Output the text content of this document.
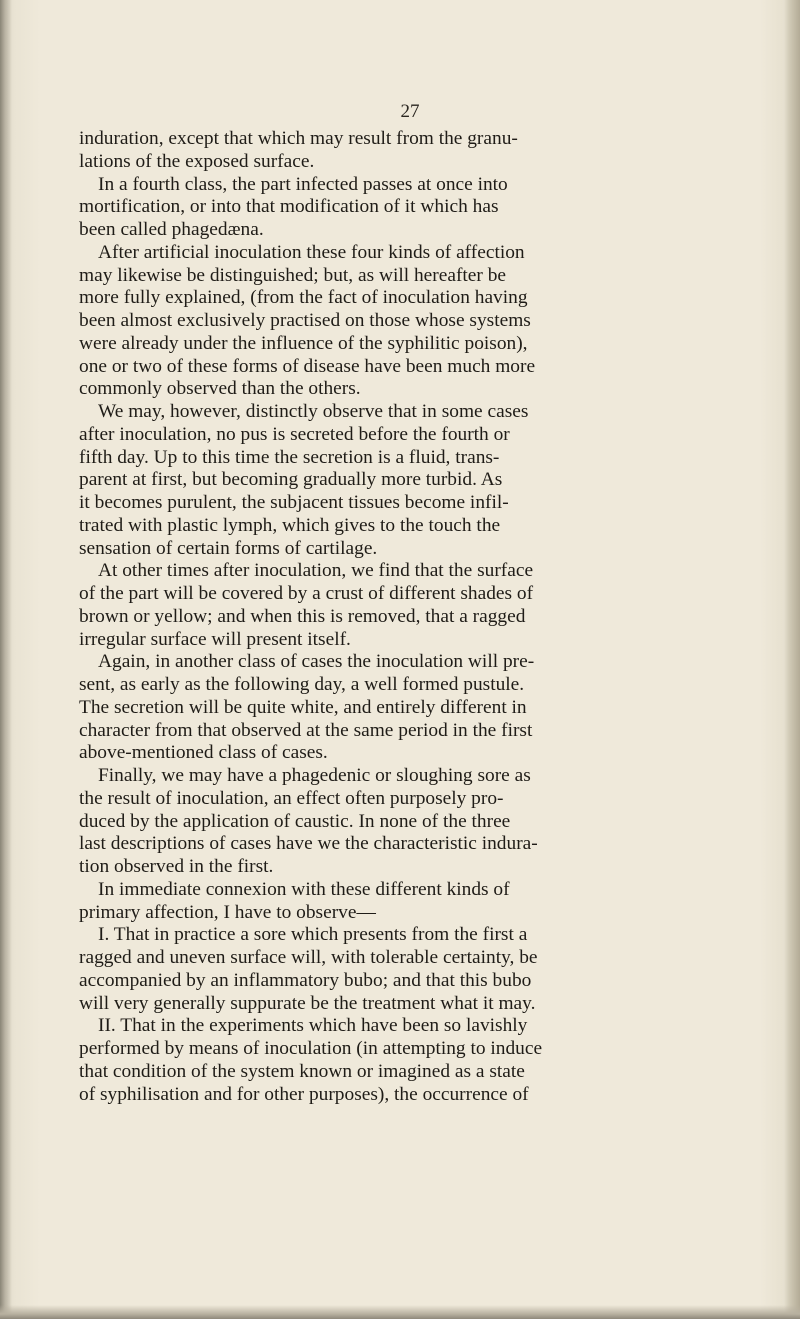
27
induration, except that which may result from the granu-
lations of the exposed surface.
In a fourth class, the part infected passes at once into
mortification, or into that modification of it which has
been called phagedæna.
After artificial inoculation these four kinds of affection
may likewise be distinguished; but, as will hereafter be
more fully explained, (from the fact of inoculation having
been almost exclusively practised on those whose systems
were already under the influence of the syphilitic poison),
one or two of these forms of disease have been much more
commonly observed than the others.
We may, however, distinctly observe that in some cases
after inoculation, no pus is secreted before the fourth or
fifth day. Up to this time the secretion is a fluid, trans-
parent at first, but becoming gradually more turbid. As
it becomes purulent, the subjacent tissues become infil-
trated with plastic lymph, which gives to the touch the
sensation of certain forms of cartilage.
At other times after inoculation, we find that the surface
of the part will be covered by a crust of different shades of
brown or yellow; and when this is removed, that a ragged
irregular surface will present itself.
Again, in another class of cases the inoculation will pre-
sent, as early as the following day, a well formed pustule.
The secretion will be quite white, and entirely different in
character from that observed at the same period in the first
above-mentioned class of cases.
Finally, we may have a phagedenic or sloughing sore as
the result of inoculation, an effect often purposely pro-
duced by the application of caustic. In none of the three
last descriptions of cases have we the characteristic indura-
tion observed in the first.
In immediate connexion with these different kinds of
primary affection, I have to observe—
I. That in practice a sore which presents from the first a
ragged and uneven surface will, with tolerable certainty, be
accompanied by an inflammatory bubo; and that this bubo
will very generally suppurate be the treatment what it may.
II. That in the experiments which have been so lavishly
performed by means of inoculation (in attempting to induce
that condition of the system known or imagined as a state
of syphilisation and for other purposes), the occurrence of
